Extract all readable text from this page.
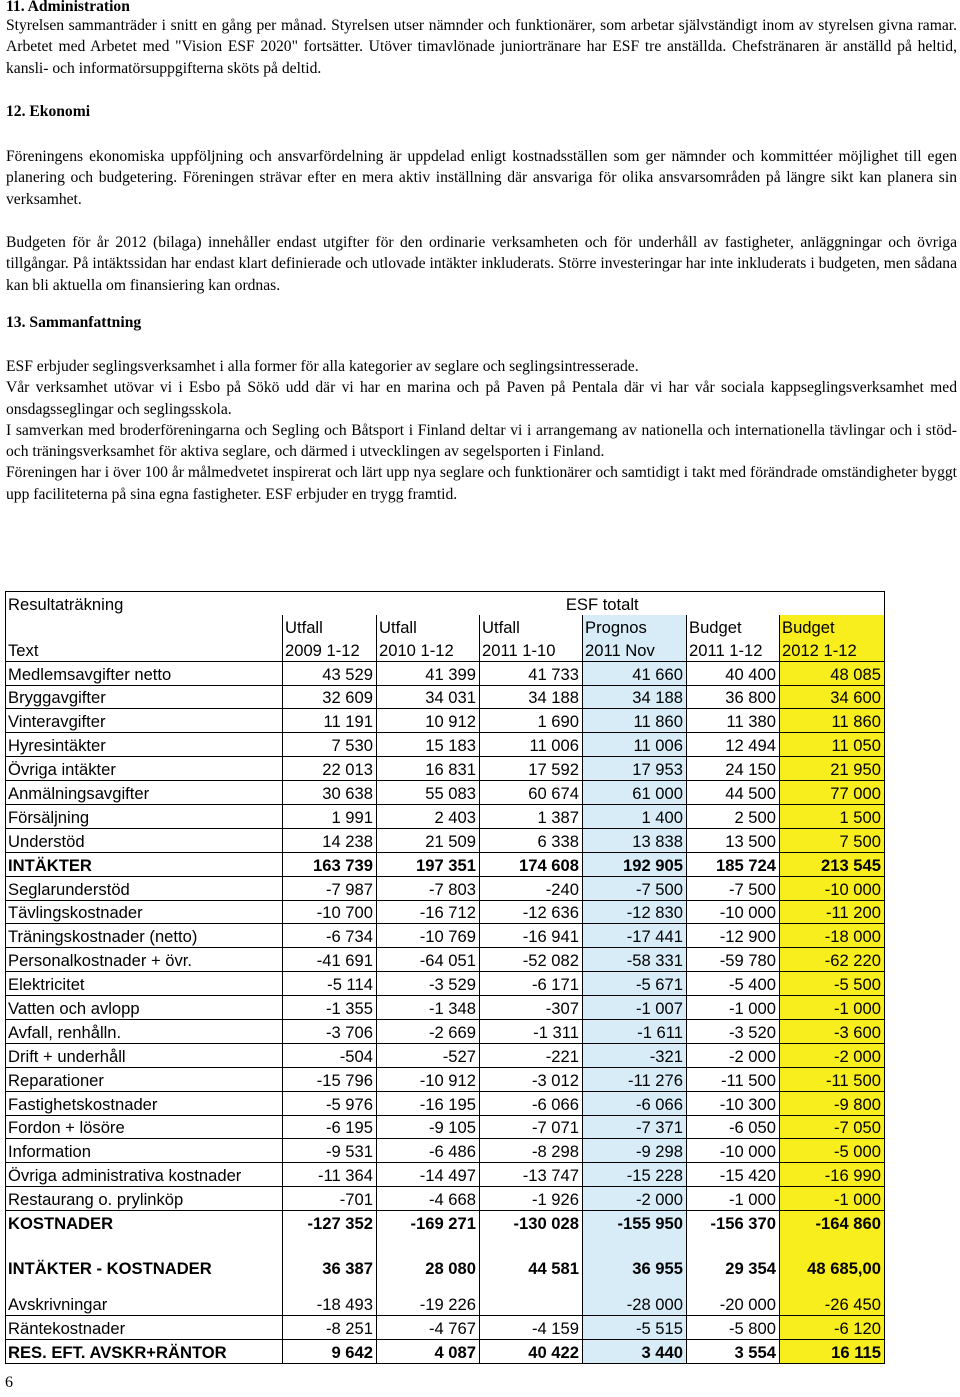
11. Administration
Styrelsen sammanträder i snitt en gång per månad. Styrelsen utser nämnder och funktionärer, som arbetar självständigt inom av styrelsen givna ramar. Arbetet med Arbetet med "Vision ESF 2020" fortsätter. Utöver timavlönade juniortränare har ESF tre anställda. Chefstränaren är anställd på heltid, kansli- och informatörsuppgifterna sköts på deltid.
12. Ekonomi
Föreningens ekonomiska uppföljning och ansvarfördelning är uppdelad enligt kostnadsställen som ger nämnder och kommittéer möjlighet till egen planering och budgetering. Föreningen strävar efter en mera aktiv inställning där ansvariga för olika ansvarsområden på längre sikt kan planera sin verksamhet.
Budgeten för år 2012 (bilaga) innehåller endast utgifter för den ordinarie verksamheten och för underhåll av fastigheter, anläggningar och övriga tillgångar. På intäktssidan har endast klart definierade och utlovade intäkter inkluderats. Större investeringar har inte inkluderats i budgeten, men sådana kan bli aktuella om finansiering kan ordnas.
13. Sammanfattning

ESF erbjuder seglingsverksamhet i alla former för alla kategorier av seglare och seglingsintresserade.

Vår verksamhet utövar vi i Esbo på Sökö udd där vi har en marina och på Paven på Pentala där vi har vår sociala kappseglingsverksamhet med onsdagsseglingar och seglingsskola.

I samverkan med broderföreningarna och Segling och Båtsport i Finland deltar vi i arrangemang av nationella och internationella tävlingar och i stöd- och träningsverksamhet för aktiva seglare, och därmed i utvecklingen av segelsporten i Finland.

Föreningen har i över 100 år målmedvetet inspirerat och lärt upp nya seglare och funktionärer och samtidigt i takt med förändrade omständigheter byggt upp faciliteterna på sina egna fastigheter. ESF erbjuder en trygg framtid.

Resultaträkning	ESF totalt					
	Utfall	Utfall	Utfall	Prognos	Budget	Budget
Text	2009 1-12	2010 1-12	2011 1-10	2011 Nov	2011 1-12	2012 1-12
Medlemsavgifter netto	43 529	41 399	41 733	41 660	40 400	48 085
Bryggavgifter	32 609	34 031	34 188	34 188	36 800	34 600
Vinteravgifter	11 191	10 912	1 690	11 860	11 380	11 860
Hyresintäkter	7 530	15 183	11 006	11 006	12 494	11 050
Övriga intäkter	22 013	16 831	17 592	17 953	24 150	21 950
Anmälningsavgifter	30 638	55 083	60 674	61 000	44 500	77 000
Försäljning	1 991	2 403	1 387	1 400	2 500	1 500
Understöd	14 238	21 509	6 338	13 838	13 500	7 500
INTÄKTER	163 739	197 351	174 608	192 905	185 724	213 545
Seglarunderstöd	-7 987	-7 803	-240	-7 500	-7 500	-10 000
Tävlingskostnader	-10 700	-16 712	-12 636	-12 830	-10 000	-11 200
Träningskostnader (netto)	-6 734	-10 769	-16 941	-17 441	-12 900	-18 000
Personalkostnader + övr.	-41 691	-64 051	-52 082	-58 331	-59 780	-62 220
Elektricitet	-5 114	-3 529	-6 171	-5 671	-5 400	-5 500
Vatten och avlopp	-1 355	-1 348	-307	-1 007	-1 000	-1 000
Avfall, renhålln.	-3 706	-2 669	-1 311	-1 611	-3 520	-3 600
Drift + underhåll	-504	-527	-221	-321	-2 000	-2 000
Reparationer	-15 796	-10 912	-3 012	-11 276	-11 500	-11 500
Fastighetskostnader	-5 976	-16 195	-6 066	-6 066	-10 300	-9 800
Fordon + lösöre	-6 195	-9 105	-7 071	-7 371	-6 050	-7 050
Information	-9 531	-6 486	-8 298	-9 298	-10 000	-5 000
Övriga administrativa kostnader	-11 364	-14 497	-13 747	-15 228	-15 420	-16 990
Restaurang o. prylinköp	-701	-4 668	-1 926	-2 000	-1 000	-1 000
KOSTNADER	-127 352	-169 271	-130 028	-155 950	-156 370	-164 860

INTÄKTER - KOSTNADER	36 387	28 080	44 581	36 955	29 354	48 685,00

Avskrivningar	-18 493	-19 226		-28 000	-20 000	-26 450
Räntekostnader	-8 251	-4 767	-4 159	-5 515	-5 800	-6 120
RES. EFT. AVSKR+RÄNTOR	9 642	4 087	40 422	3 440	3 554	16 115
6
